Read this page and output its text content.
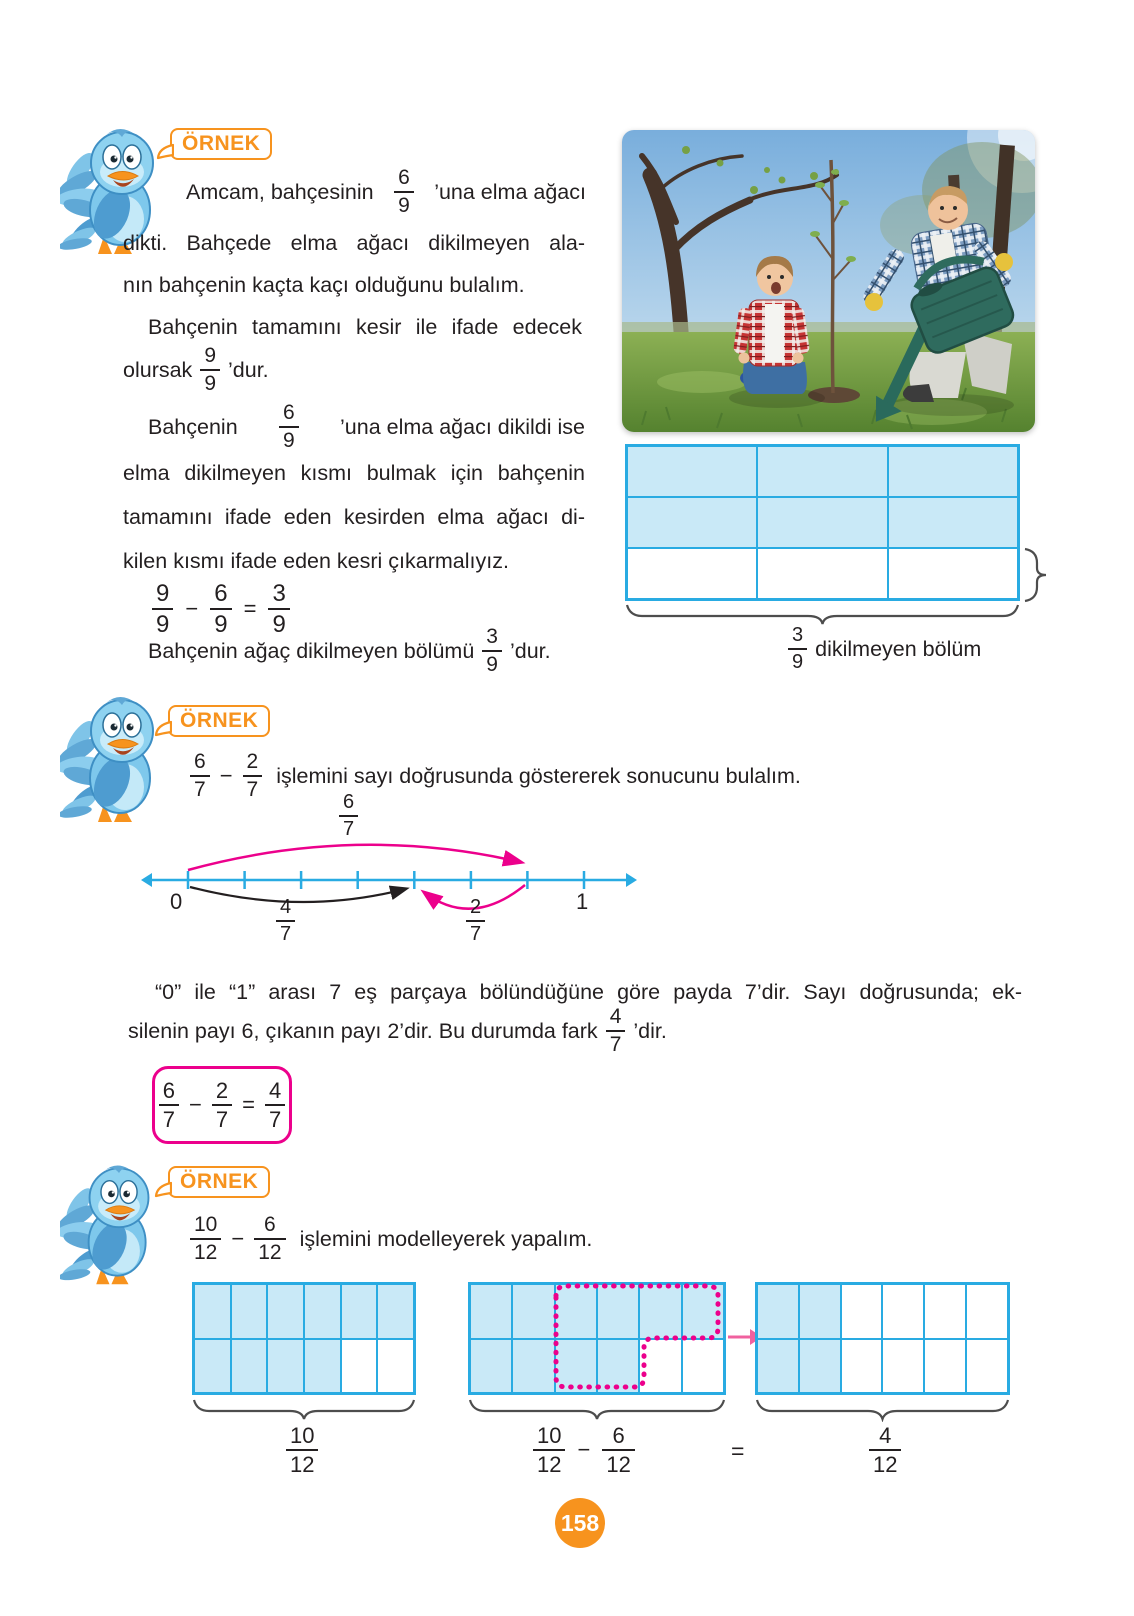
ÖRNEK
Amcam, bahçesinin $\frac{6}{9}$ ’una elma ağacı
dikti. Bahçede elma ağacı dikilmeyen ala-
nın bahçenin kaçta kaçı olduğunu bulalım.
Bahçenin tamamını kesir ile ifade edecek
olursak $\frac{9}{9}$ ’dur.
Bahçenin $\frac{6}{9}$ ’una elma ağacı dikildi ise
elma dikilmeyen kısmı bulmak için bahçenin
tamamını ifade eden kesirden elma ağacı di-
kilen kısmı ifade eden kesri çıkarmalıyız.
$\frac{9}{9} - \frac{6}{9} = \frac{3}{9}$
Bahçenin ağaç dikilmeyen bölümü $\frac{3}{9}$ ’dur.	$\frac{3}{9}$ dikilmeyen bölüm
ÖRNEK
$\frac{6}{7} - \frac{2}{7}$ işlemini sayı doğrusunda göstererek sonucunu bulalım.
6
7
0	1
4
7
2
7
“0” ile “1” arası 7 eş parçaya bölündüğüne göre payda 7’dir. Sayı doğrusunda; ek-
silenin payı 6, çıkanın payı 2’dir. Bu durumda fark $\frac{4}{7}$ ’dir.
$\frac{6}{7} - \frac{2}{7} = \frac{4}{7}$
ÖRNEK
$\frac{10}{12} - \frac{6}{12}$ işlemini modelleyerek yapalım.
10
12	$\frac{10}{12} - \frac{6}{12}$	=
4
12
158
